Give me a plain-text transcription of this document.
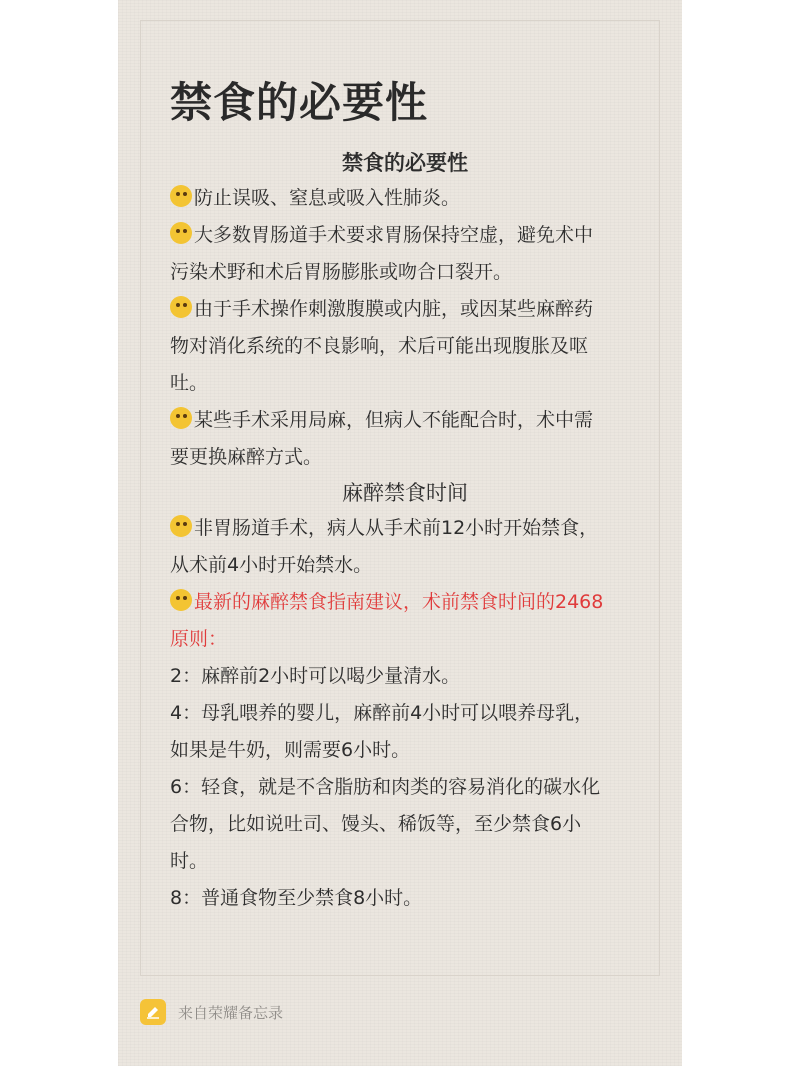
禁食的必要性

禁食的必要性

防止误吸、窒息或吸入性肺炎。

大多数胃肠道手术要求胃肠保持空虚，避免术中
污染术野和术后胃肠膨胀或吻合口裂开。

由于手术操作刺激腹膜或内脏，或因某些麻醉药
物对消化系统的不良影响，术后可能出现腹胀及呕
吐。

某些手术采用局麻，但病人不能配合时，术中需
要更换麻醉方式。

麻醉禁食时间

非胃肠道手术，病人从手术前12小时开始禁食，
从术前4小时开始禁水。

最新的麻醉禁食指南建议，术前禁食时间的2468
原则：

2：麻醉前2小时可以喝少量清水。

4：母乳喂养的婴儿，麻醉前4小时可以喂养母乳，
如果是牛奶，则需要6小时。

6：轻食，就是不含脂肪和肉类的容易消化的碳水化
合物，比如说吐司、馒头、稀饭等，至少禁食6小
时。

8：普通食物至少禁食8小时。

来自荣耀备忘录
